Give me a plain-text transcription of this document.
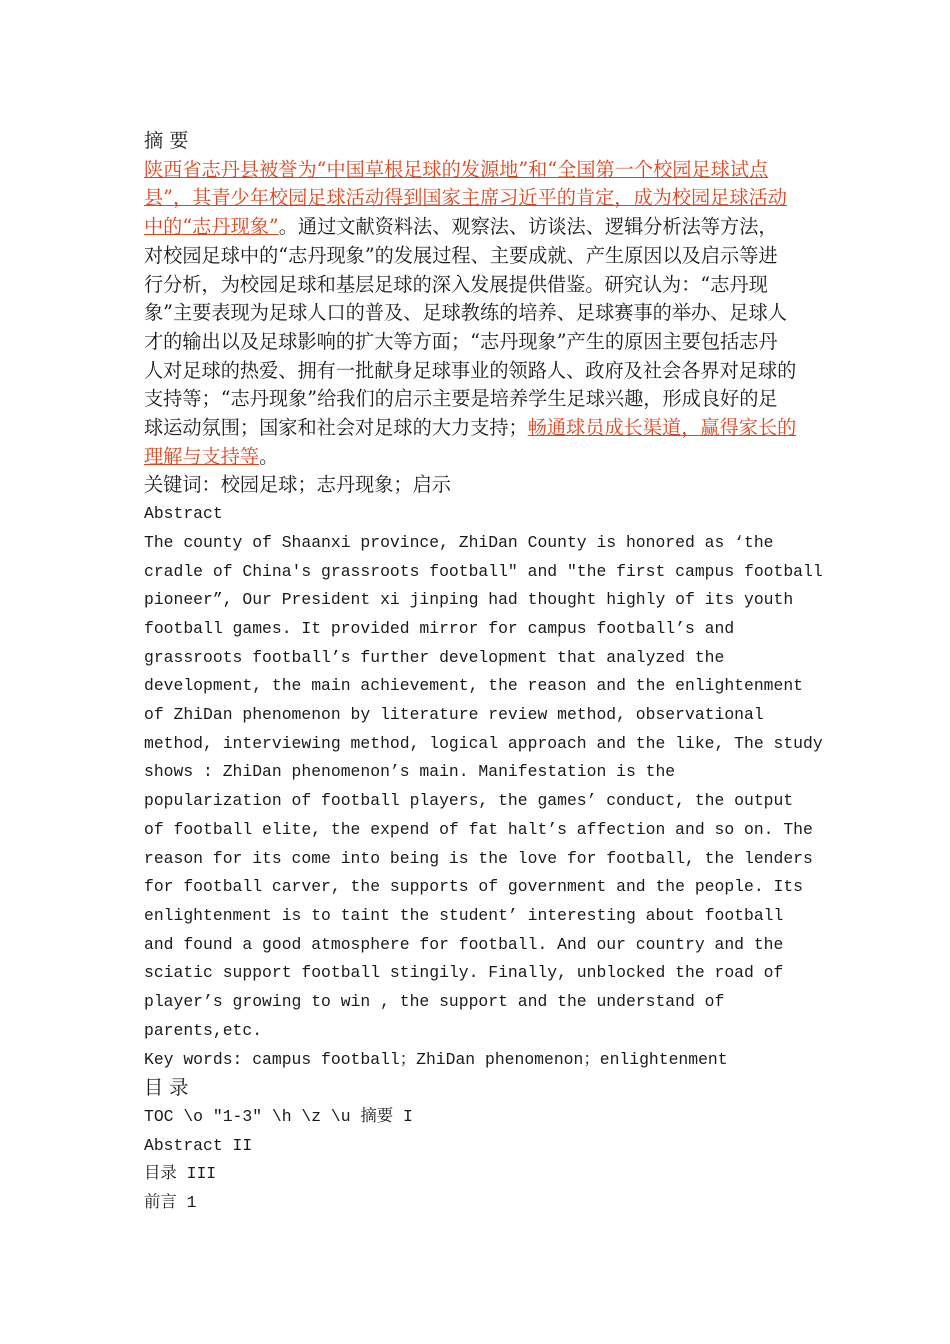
摘 要

陕西省志丹县被誉为“中国草根足球的发源地”和“全国第一个校园足球试点

县”，其青少年校园足球活动得到国家主席习近平的肯定，成为校园足球活动

中的“志丹现象”。通过文献资料法、观察法、访谈法、逻辑分析法等方法，

对校园足球中的“志丹现象”的发展过程、主要成就、产生原因以及启示等进

行分析，为校园足球和基层足球的深入发展提供借鉴。研究认为：“志丹现

象”主要表现为足球人口的普及、足球教练的培养、足球赛事的举办、足球人

才的输出以及足球影响的扩大等方面；“志丹现象”产生的原因主要包括志丹

人对足球的热爱、拥有一批献身足球事业的领路人、政府及社会各界对足球的

支持等；“志丹现象”给我们的启示主要是培养学生足球兴趣，形成良好的足

球运动氛围；国家和社会对足球的大力支持；畅通球员成长渠道，赢得家长的

理解与支持等。

关键词：校园足球；志丹现象；启示

Abstract

The county of Shaanxi province, ZhiDan County is honored as ‘the

cradle of China's grassroots football" and "the first campus football

pioneer”, Our President xi jinping had thought highly of its youth

football games. It provided mirror for campus football’s and

grassroots football’s further development that analyzed the

development, the main achievement, the reason and the enlightenment

of ZhiDan phenomenon by literature review method, observational

method, interviewing method, logical approach and the like, The study

shows : ZhiDan phenomenon’s main. Manifestation is the

popularization of football players, the games’ conduct, the output

of football elite, the expend of fat halt’s affection and so on. The

reason for its come into being is the love for football, the lenders

for football carver, the supports of government and the people. Its

enlightenment is to taint the student’ interesting about football

and found a good atmosphere for football. And our country and the

sciatic support football stingily. Finally, unblocked the road of

player’s growing to win , the support and the understand of

parents,etc.

Key words: campus football；ZhiDan phenomenon；enlightenment

目 录

TOC \o "1-3" \h \z \u 摘要 I

Abstract II

目录 III

前言 1
